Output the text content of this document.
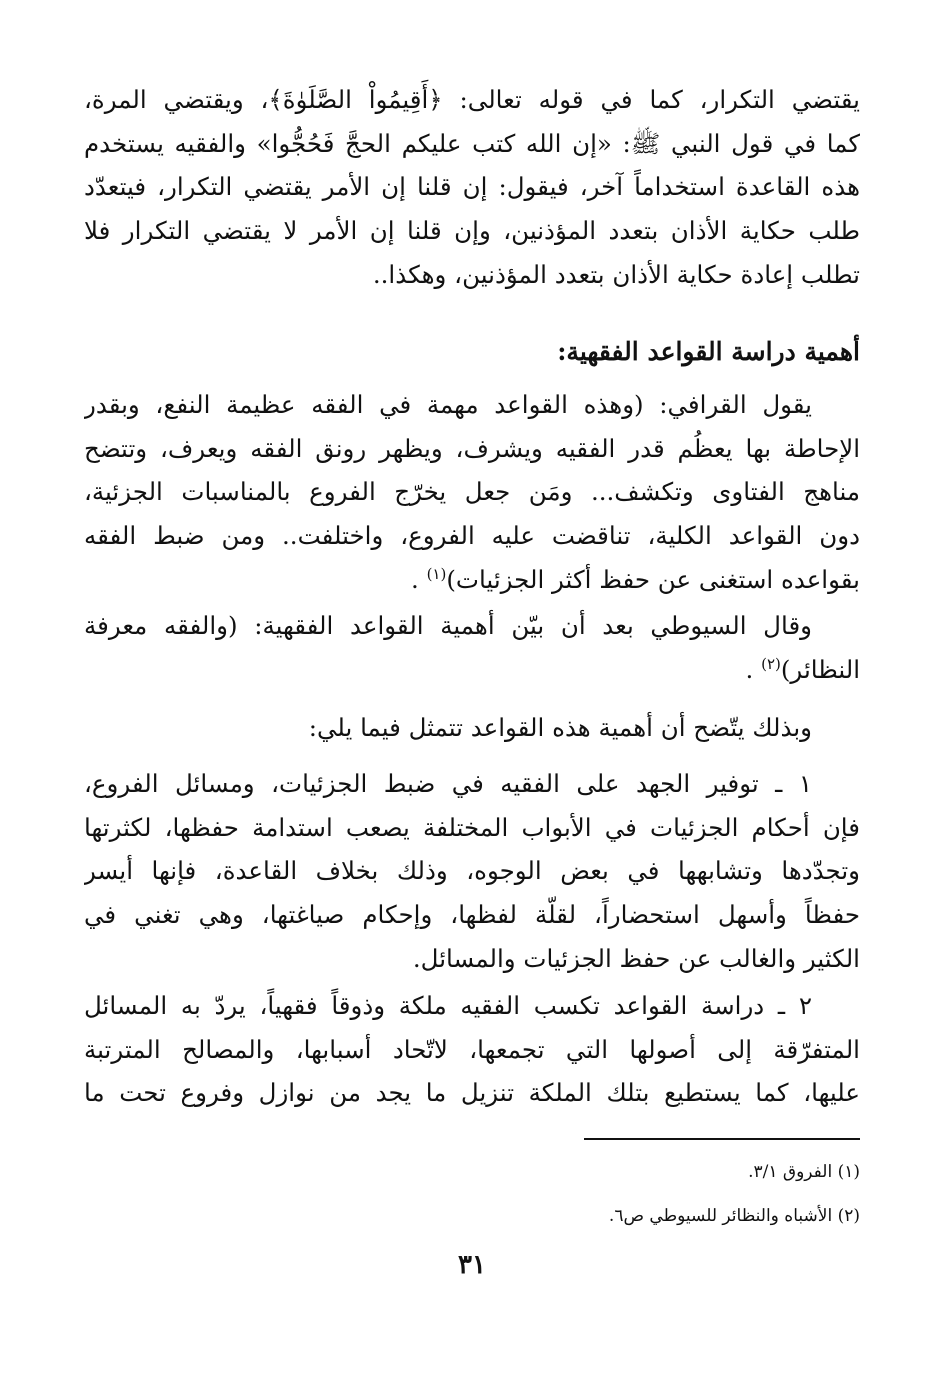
يقتضي التكرار، كما في قوله تعالى: ﴿أَقِيمُواْ الصَّلَوٰةَ﴾، ويقتضي المرة،
كما في قول النبي ﷺ: «إن الله كتب عليكم الحجَّ فَحُجُّوا» والفقيه يستخدم
هذه القاعدة استخداماً آخر، فيقول: إن قلنا إن الأمر يقتضي التكرار، فيتعدّد
طلب حكاية الأذان بتعدد المؤذنين، وإن قلنا إن الأمر لا يقتضي التكرار فلا
تطلب إعادة حكاية الأذان بتعدد المؤذنين، وهكذا..
أهمية دراسة القواعد الفقهية:
يقول القرافي: (وهذه القواعد مهمة في الفقه عظيمة النفع، وبقدر
الإحاطة بها يعظُم قدر الفقيه ويشرف، ويظهر رونق الفقه ويعرف، وتتضح
مناهج الفتاوى وتكشف... ومَن جعل يخرّج الفروع بالمناسبات الجزئية،
دون القواعد الكلية، تناقضت عليه الفروع، واختلفت.. ومن ضبط الفقه
بقواعده استغنى عن حفظ أكثر الجزئيات)$^{(١)}$ .
وقال السيوطي بعد أن بيّن أهمية القواعد الفقهية: (والفقه معرفة
النظائر)$^{(٢)}$ .
وبذلك يتّضح أن أهمية هذه القواعد تتمثل فيما يلي:
١ ـ توفير الجهد على الفقيه في ضبط الجزئيات، ومسائل الفروع،
فإن أحكام الجزئيات في الأبواب المختلفة يصعب استدامة حفظها، لكثرتها
وتجدّدها وتشابهها في بعض الوجوه، وذلك بخلاف القاعدة، فإنها أيسر
حفظاً وأسهل استحضاراً، لقلّة لفظها، وإحكام صياغتها، وهي تغني في
الكثير والغالب عن حفظ الجزئيات والمسائل.
٢ ـ دراسة القواعد تكسب الفقيه ملكة وذوقاً فقهياً، يردّ به المسائل
المتفرّقة إلى أصولها التي تجمعها، لاتّحاد أسبابها، والمصالح المترتبة
عليها، كما يستطيع بتلك الملكة تنزيل ما يجد من نوازل وفروع تحت ما
(١) الفروق ٣/١.
(٢) الأشباه والنظائر للسيوطي ص٦.
٣١
